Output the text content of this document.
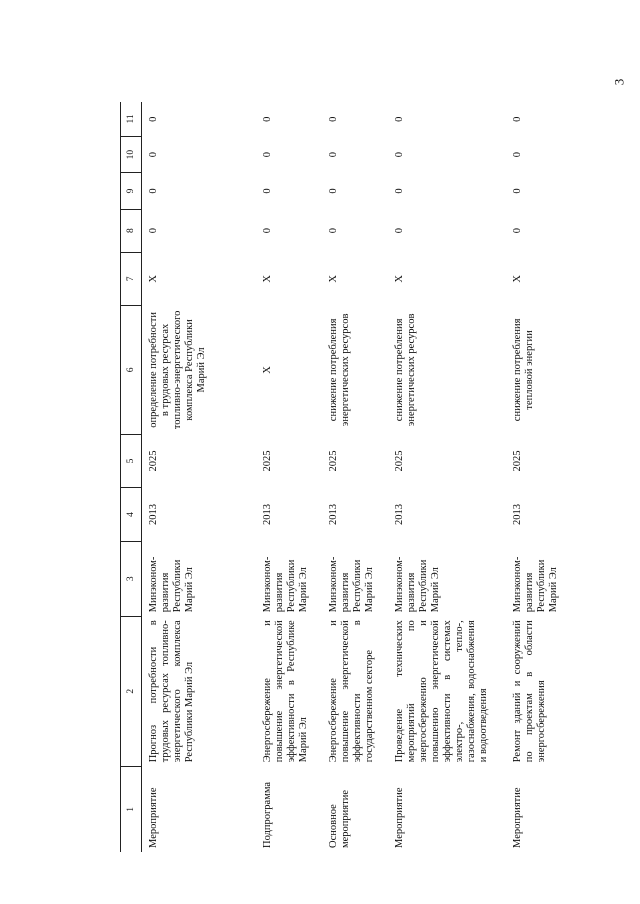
3
1	2	3	4	5	6	7	8	9	10	11
Мероприятие	Прогноз потребности в трудовых ресурсах топливно-энергетического комплекса Республики Марий Эл	Минэконом-развития Республики Марий Эл	2013	2025	определение потребности в трудовых ресурсах топливно-энергетического комплекса Республики Марий Эл	X	0	0	0	0
Подпрограмма	Энергосбережение и повышение энергетической эффективности в Республике Марий Эл	Минэконом-развития Республики Марий Эл	2013	2025	X	X	0	0	0	0
Основное мероприятие	Энергосбережение и повышение энергетической эффективности в государственном секторе	Минэконом-развития Республики Марий Эл	2013	2025	снижение потребления энергетических ресурсов	X	0	0	0	0
Мероприятие	Проведение технических мероприятий по энергосбережению и повышению энергетической эффективности в системах электро-, тепло-, газоснабжения, водоснабжения и водоотведения	Минэконом-развития Республики Марий Эл	2013	2025	снижение потребления энергетических ресурсов	X	0	0	0	0
Мероприятие	Ремонт зданий и сооружений по проектам в области энергосбережения	Минэконом-развития Республики Марий Эл	2013	2025	снижение потребления тепловой энергии	X	0	0	0	0
